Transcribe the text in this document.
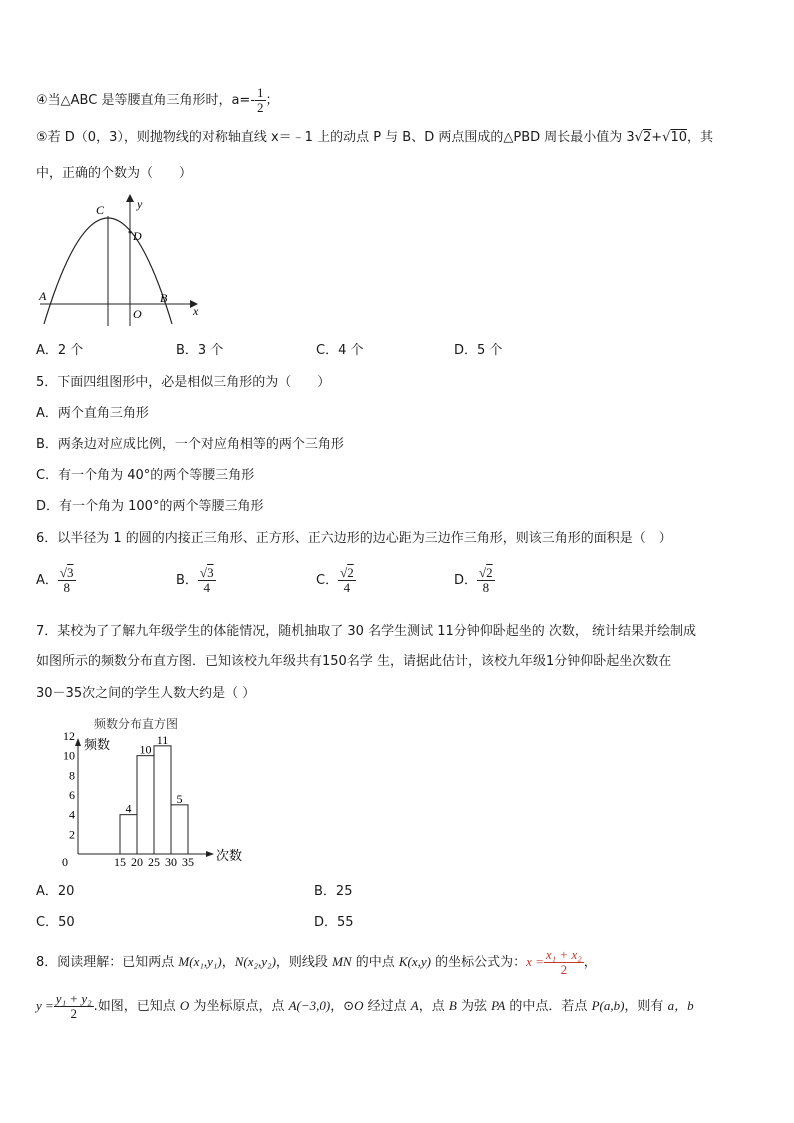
④当△ABC 是等腰直角三角形时，$a=- \frac{1}{2}$ ；
⑤若 D（0，3），则抛物线的对称轴直线 x＝﹣1 上的动点 P 与 B、D 两点围成的△PBD 周长最小值为 3√2+√10，其
中，正确的个数为（　　）
C
D
A	B
O	x
y
A．2 个	B．3 个	C．4 个	D．5 个
5．下面四组图形中，必是相似三角形的为（　　）
A．两个直角三角形
B．两条边对应成比例，一个对应角相等的两个三角形
C．有一个角为 40°的两个等腰三角形
D．有一个角为 100°的两个等腰三角形
6．以半径为 1 的圆的内接正三角形、正方形、正六边形的边心距为三边作三角形，则该三角形的面积是（　）
A． $\frac{√3}{8}$	B． $\frac{√3}{4}$	C． $\frac{√2}{4}$	D． $\frac{√2}{8}$
7．某校为了了解九年级学生的体能情况，随机抽取了 30 名学生测试 11分钟仰卧起坐的 次数， 统计结果并绘制成
如图所示的频数分布直方图．已知该校九年级共有150名学 生，请据此估计，该校九年级1分钟仰卧起坐次数在
30－35次之间的学生人数大约是（ ）
频数分布直方图
频数
次数
0
2
4
6
8
10
12
15 20 25 30 35
4
10
11
5
A．20	B．25
C．50	D．55
8．阅读理解：已知两点 M(x₁,y₁)，N(x₂,y₂)，则线段 MN 的中点 K(x,y) 的坐标公式为：$x = \frac{\text{x₁ + x₂}}{2}$ ，
$y = \frac{\text{y₁ + y₂}}{2}$ .如图，已知点 O 为坐标原点，点 A(−3,0)，⊙O 经过点 A，点 B 为弦 PA 的中点．若点 P(a,b)，则有 a，b
